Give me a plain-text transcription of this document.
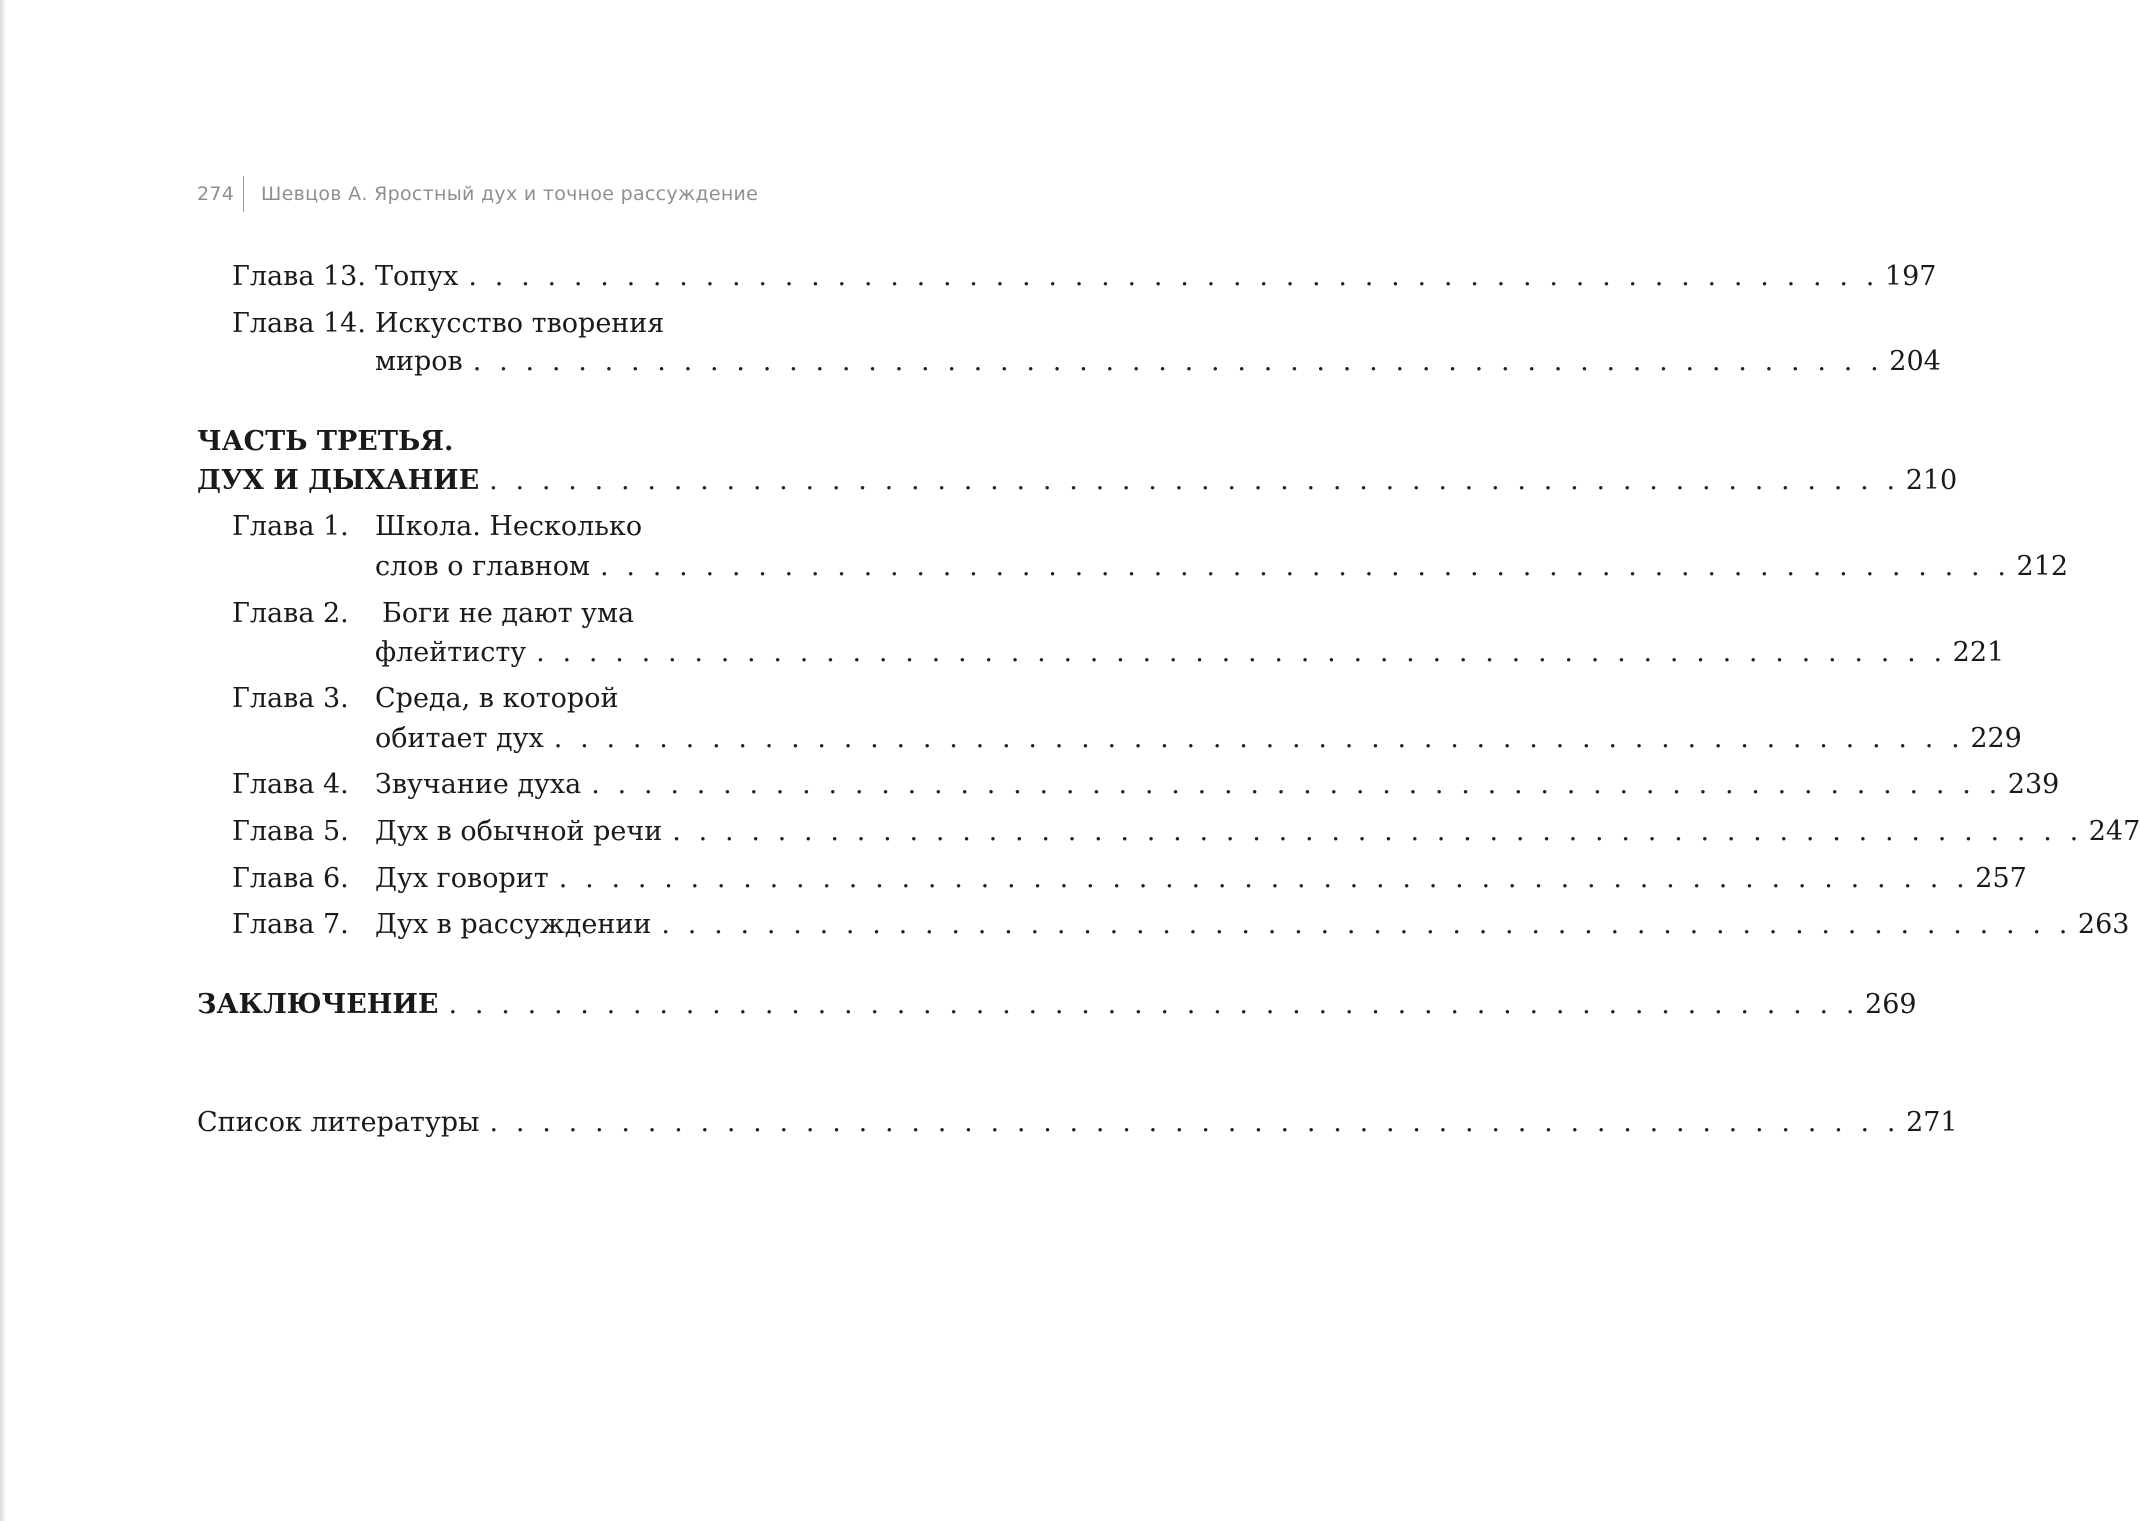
274 Шевцов А. Яростный дух и точное рассуждение
Глава 13. Топух . . . . . . . . . . . . . . . . . . . . . . . . . . . . . . . . . . . . . . . . . . . . . . . . . . . . . . 197
Глава 14. Искусство творения
миров . . . . . . . . . . . . . . . . . . . . . . . . . . . . . . . . . . . . . . . . . . . . . . . . . . . . . . 204
ЧАСТЬ ТРЕТЬЯ.
ДУХ И ДЫХАНИЕ . . . . . . . . . . . . . . . . . . . . . . . . . . . . . . . . . . . . . . . . . . . . . . . . . . . . . . 210
Глава 1. Школа. Несколько
слов о главном . . . . . . . . . . . . . . . . . . . . . . . . . . . . . . . . . . . . . . . . . . . . . . . . . . . . . . 212
Глава 2. Боги не дают ума
флейтисту . . . . . . . . . . . . . . . . . . . . . . . . . . . . . . . . . . . . . . . . . . . . . . . . . . . . . . 221
Глава 3. Среда, в которой
обитает дух . . . . . . . . . . . . . . . . . . . . . . . . . . . . . . . . . . . . . . . . . . . . . . . . . . . . . . 229
Глава 4. Звучание духа . . . . . . . . . . . . . . . . . . . . . . . . . . . . . . . . . . . . . . . . . . . . . . . . . . . . . . 239
Глава 5. Дух в обычной речи . . . . . . . . . . . . . . . . . . . . . . . . . . . . . . . . . . . . . . . . . . . . . . . . . . . . . . 247
Глава 6. Дух говорит . . . . . . . . . . . . . . . . . . . . . . . . . . . . . . . . . . . . . . . . . . . . . . . . . . . . . . 257
Глава 7. Дух в рассуждении . . . . . . . . . . . . . . . . . . . . . . . . . . . . . . . . . . . . . . . . . . . . . . . . . . . . . . 263
ЗАКЛЮЧЕНИЕ . . . . . . . . . . . . . . . . . . . . . . . . . . . . . . . . . . . . . . . . . . . . . . . . . . . . . . 269
Список литературы . . . . . . . . . . . . . . . . . . . . . . . . . . . . . . . . . . . . . . . . . . . . . . . . . . . . . . 271
